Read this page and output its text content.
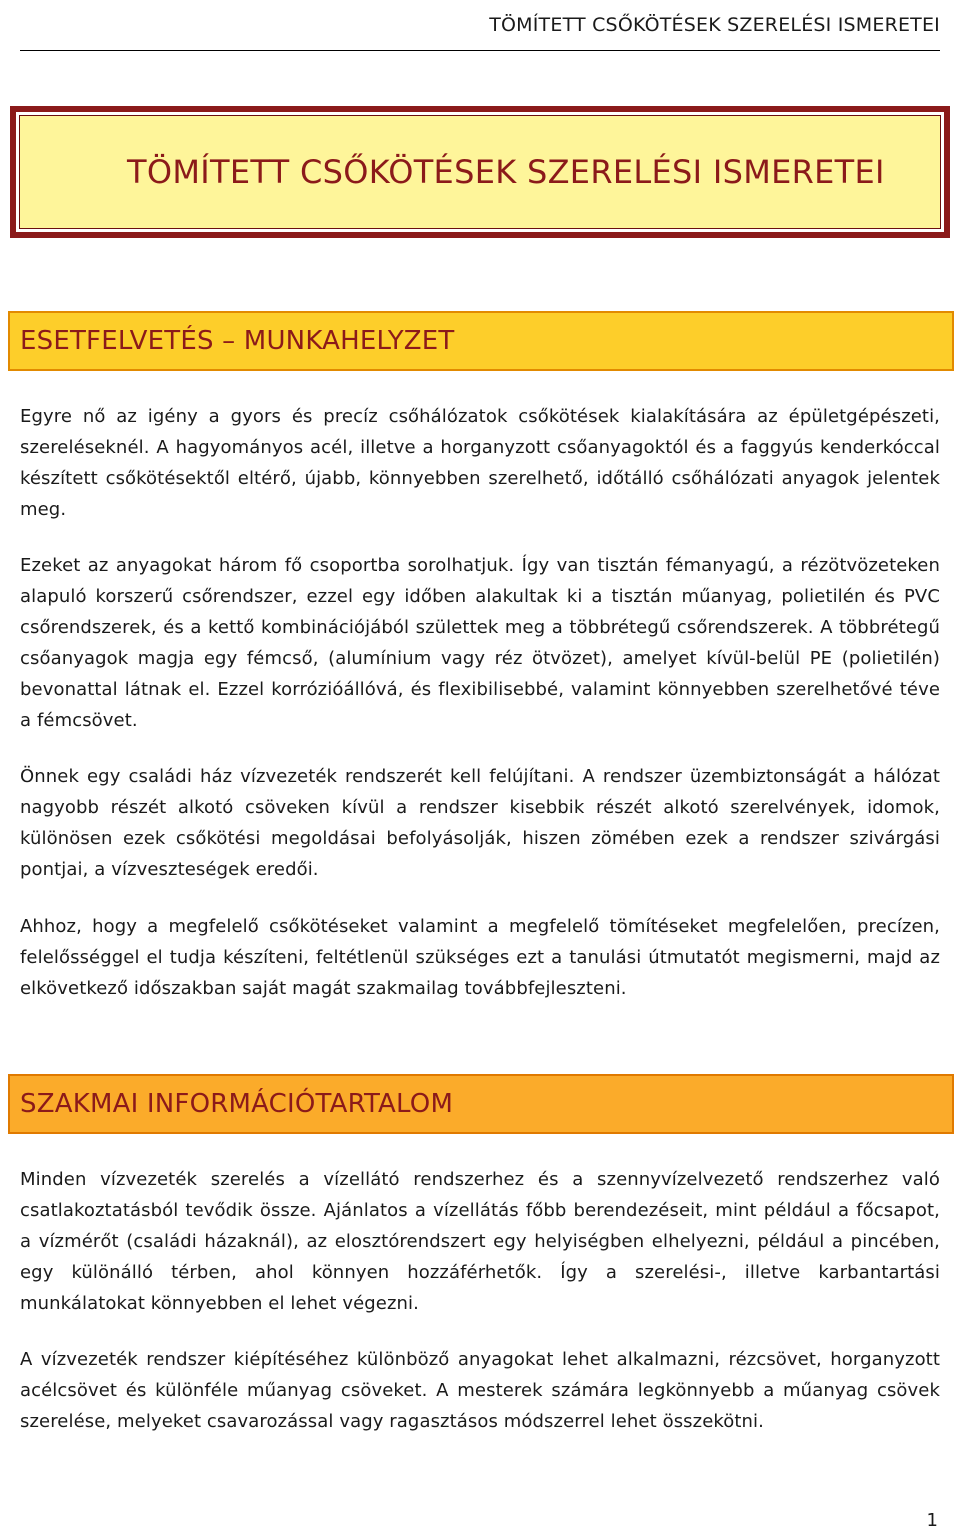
TÖMÍTETT CSŐKÖTÉSEK SZERELÉSI ISMERETEI
TÖMÍTETT CSŐKÖTÉSEK SZERELÉSI ISMERETEI
ESETFELVETÉS – MUNKAHELYZET

Egyre nő az igény a gyors és precíz csőhálózatok csőkötések kialakítására az épületgépészeti, szereléseknél. A hagyományos acél, illetve a horganyzott csőanyagoktól és a faggyús kenderkóccal készített csőkötésektől eltérő, újabb, könnyebben szerelhető, időtálló csőhálózati anyagok jelentek meg.

Ezeket az anyagokat három fő csoportba sorolhatjuk. Így van tisztán fémanyagú, a rézötvözeteken alapuló korszerű csőrendszer, ezzel egy időben alakultak ki a tisztán műanyag, polietilén és PVC csőrendszerek, és a kettő kombinációjából születtek meg a többrétegű csőrendszerek. A többrétegű csőanyagok magja egy fémcső, (alumínium vagy réz ötvözet), amelyet kívül-belül PE (polietilén) bevonattal látnak el. Ezzel korrózióállóvá, és flexibilisebbé, valamint könnyebben szerelhetővé téve a fémcsövet.

Önnek egy családi ház vízvezeték rendszerét kell felújítani. A rendszer üzembiztonságát a hálózat nagyobb részét alkotó csöveken kívül a rendszer kisebbik részét alkotó szerelvények, idomok, különösen ezek csőkötési megoldásai befolyásolják, hiszen zömében ezek a rendszer szivárgási pontjai, a vízveszteségek eredői.

Ahhoz, hogy a megfelelő csőkötéseket valamint a megfelelő tömítéseket megfelelően, precízen, felelősséggel el tudja készíteni, feltétlenül szükséges ezt a tanulási útmutatót megismerni, majd az elkövetkező időszakban saját magát szakmailag továbbfejleszteni.

SZAKMAI INFORMÁCIÓTARTALOM

Minden vízvezeték szerelés a vízellátó rendszerhez és a szennyvízelvezető rendszerhez való csatlakoztatásból tevődik össze. Ajánlatos a vízellátás főbb berendezéseit, mint például a főcsapot, a vízmérőt (családi házaknál), az elosztórendszert egy helyiségben elhelyezni, például a pincében, egy különálló térben, ahol könnyen hozzáférhetők. Így a szerelési-, illetve karbantartási munkálatokat könnyebben el lehet végezni.

A vízvezeték rendszer kiépítéséhez különböző anyagokat lehet alkalmazni, rézcsövet, horganyzott acélcsövet és különféle műanyag csöveket. A mesterek számára legkönnyebb a műanyag csövek szerelése, melyeket csavarozással vagy ragasztásos módszerrel lehet összekötni.

1
